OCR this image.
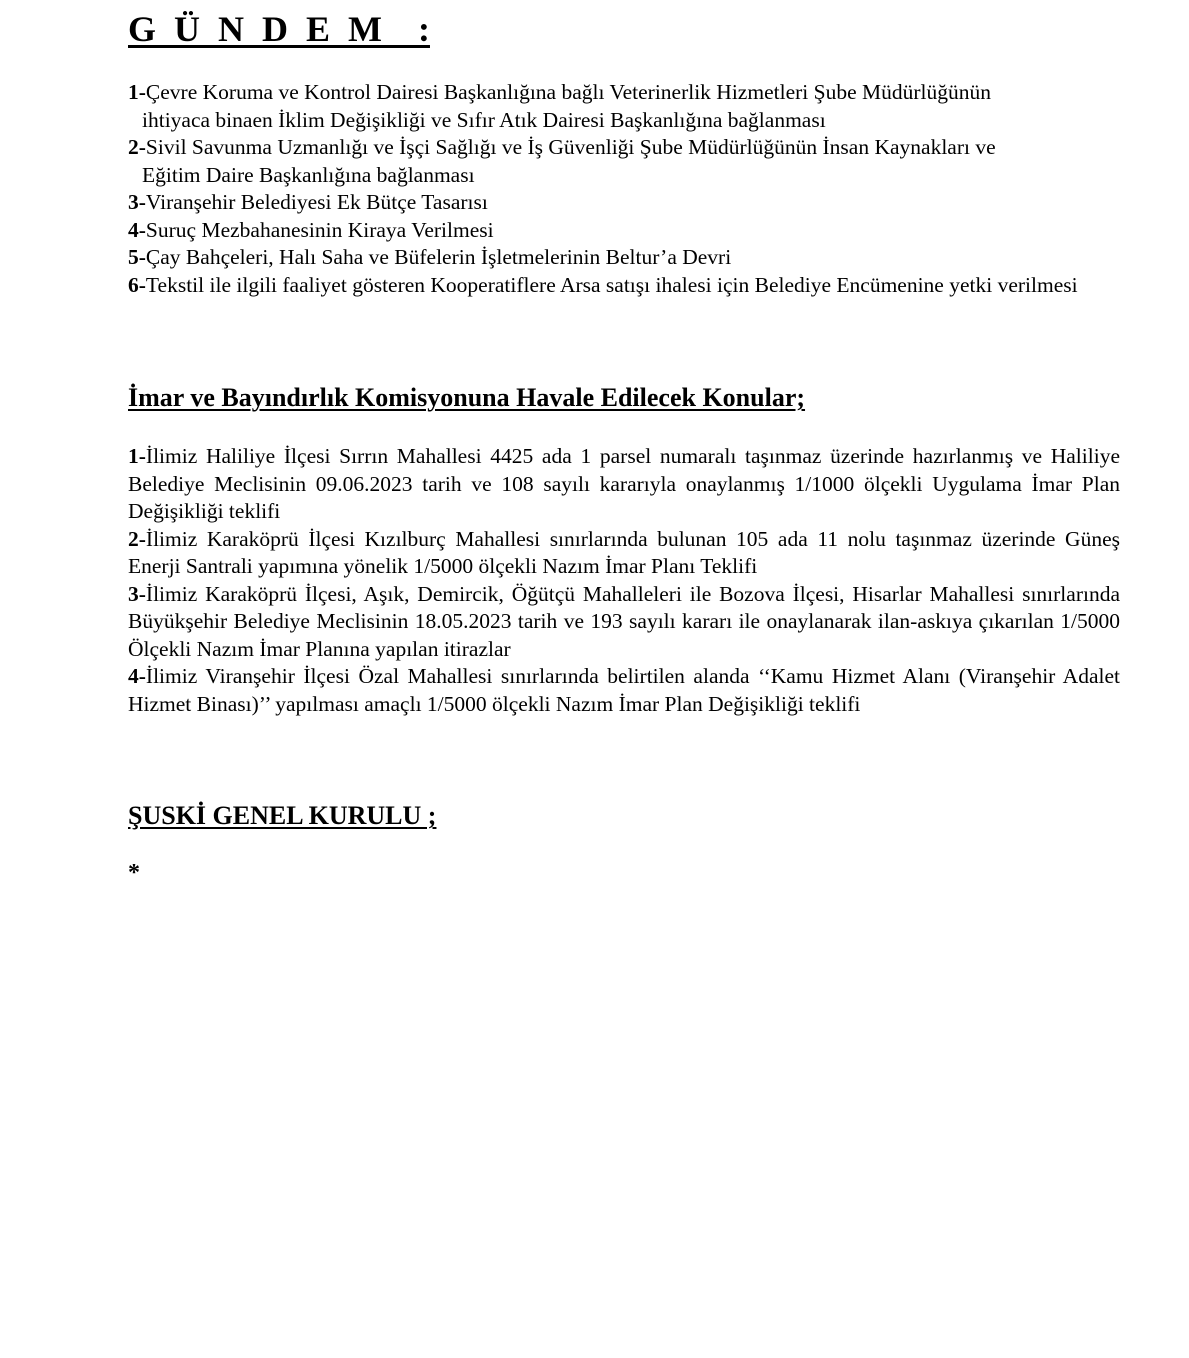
G  Ü  N  D  E  M    :
1-Çevre Koruma ve Kontrol Dairesi Başkanlığına bağlı Veterinerlik Hizmetleri Şube Müdürlüğünün
ihtiyaca binaen İklim Değişikliği ve Sıfır Atık Dairesi Başkanlığına bağlanması
2-Sivil Savunma Uzmanlığı ve İşçi Sağlığı ve İş Güvenliği Şube Müdürlüğünün İnsan Kaynakları ve
Eğitim Daire Başkanlığına bağlanması
3-Viranşehir Belediyesi Ek Bütçe Tasarısı
4-Suruç Mezbahanesinin Kiraya Verilmesi
5-Çay Bahçeleri, Halı Saha ve Büfelerin İşletmelerinin Beltur’a Devri
6-Tekstil ile ilgili faaliyet gösteren Kooperatiflere Arsa satışı ihalesi için Belediye Encümenine yetki verilmesi
İmar ve Bayındırlık Komisyonuna Havale Edilecek Konular;
1-İlimiz Haliliye İlçesi Sırrın Mahallesi 4425 ada 1 parsel numaralı taşınmaz üzerinde hazırlanmış ve Haliliye Belediye Meclisinin 09.06.2023 tarih ve 108 sayılı kararıyla onaylanmış 1/1000 ölçekli Uygulama İmar Plan Değişikliği teklifi
2-İlimiz Karaköprü İlçesi Kızılburç Mahallesi sınırlarında bulunan 105 ada 11 nolu taşınmaz üzerinde Güneş Enerji Santrali yapımına yönelik 1/5000 ölçekli Nazım İmar Planı Teklifi
3-İlimiz Karaköprü İlçesi, Aşık, Demircik, Öğütçü Mahalleleri ile Bozova İlçesi, Hisarlar Mahallesi sınırlarında Büyükşehir Belediye Meclisinin 18.05.2023 tarih ve 193 sayılı kararı ile onaylanarak ilan-askıya çıkarılan 1/5000 Ölçekli Nazım İmar Planına yapılan itirazlar
4-İlimiz Viranşehir İlçesi Özal Mahallesi sınırlarında belirtilen alanda ‘‘Kamu Hizmet Alanı (Viranşehir Adalet Hizmet Binası)’’ yapılması amaçlı 1/5000 ölçekli Nazım İmar Plan Değişikliği teklifi
ŞUSKİ GENEL KURULU ;
*
